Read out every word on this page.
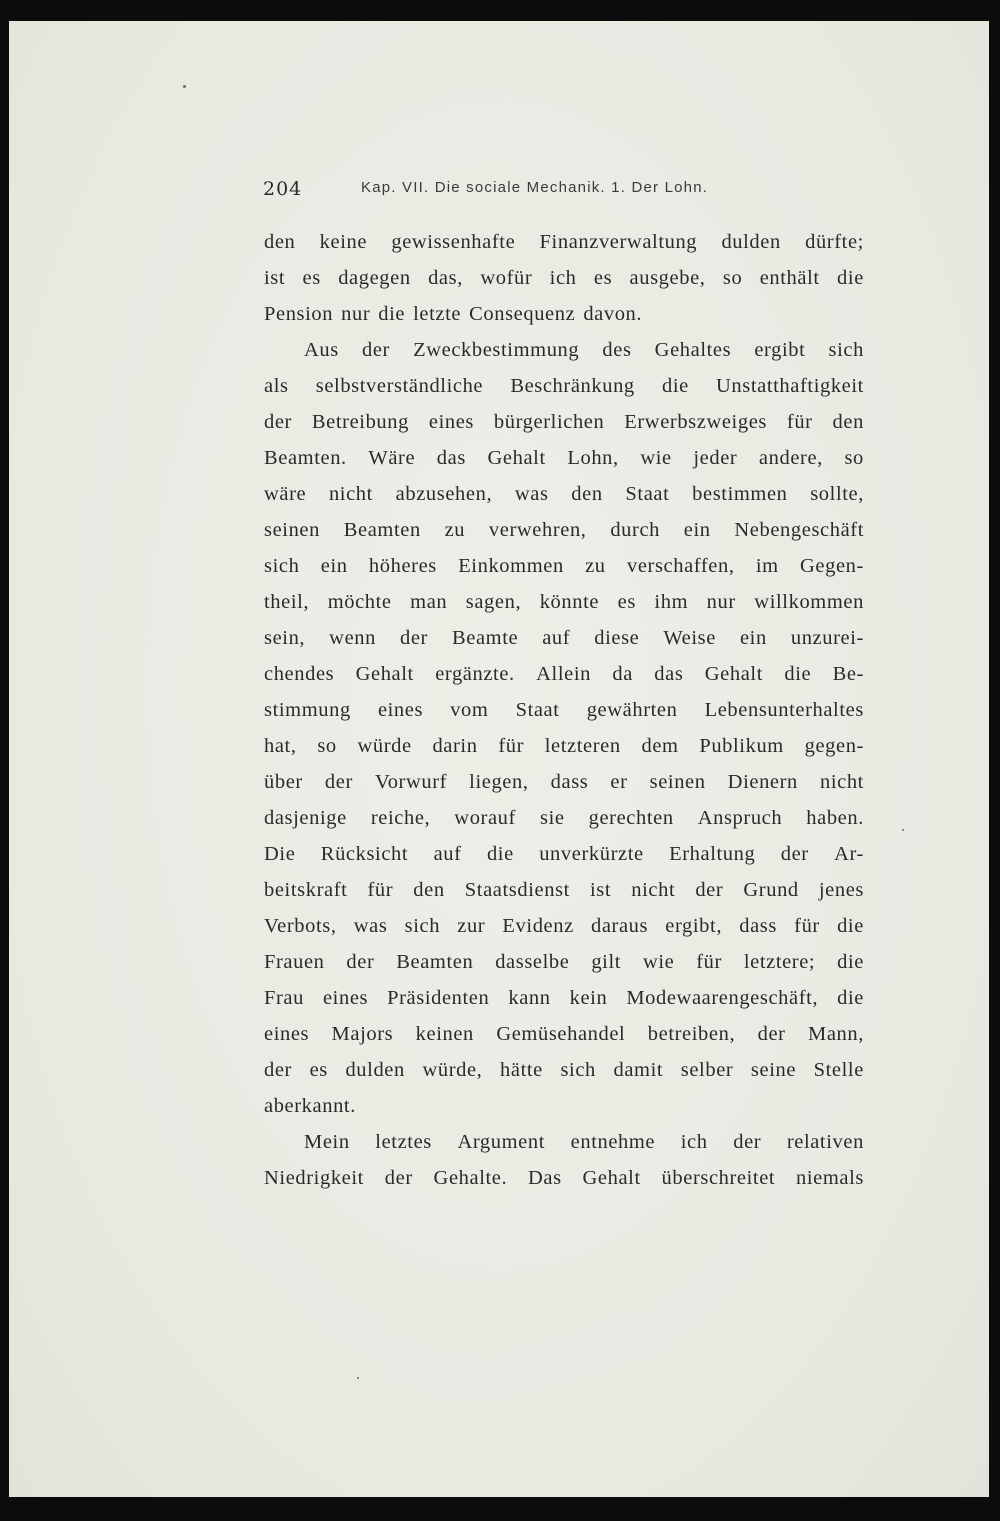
204	Kap. VII. Die sociale Mechanik. 1. Der Lohn.
den keine gewissenhafte Finanzverwaltung dulden dürfte;
ist es dagegen das, wofür ich es ausgebe, so enthält die
Pension nur die letzte Consequenz davon.
Aus der Zweckbestimmung des Gehaltes ergibt sich
als selbstverständliche Beschränkung die Unstatthaftigkeit
der Betreibung eines bürgerlichen Erwerbszweiges für den
Beamten. Wäre das Gehalt Lohn, wie jeder andere, so
wäre nicht abzusehen, was den Staat bestimmen sollte,
seinen Beamten zu verwehren, durch ein Nebengeschäft
sich ein höheres Einkommen zu verschaffen, im Gegen-
theil, möchte man sagen, könnte es ihm nur willkommen
sein, wenn der Beamte auf diese Weise ein unzurei-
chendes Gehalt ergänzte. Allein da das Gehalt die Be-
stimmung eines vom Staat gewährten Lebensunterhaltes
hat, so würde darin für letzteren dem Publikum gegen-
über der Vorwurf liegen, dass er seinen Dienern nicht
dasjenige reiche, worauf sie gerechten Anspruch haben.
Die Rücksicht auf die unverkürzte Erhaltung der Ar-
beitskraft für den Staatsdienst ist nicht der Grund jenes
Verbots, was sich zur Evidenz daraus ergibt, dass für die
Frauen der Beamten dasselbe gilt wie für letztere; die
Frau eines Präsidenten kann kein Modewaarengeschäft, die
eines Majors keinen Gemüsehandel betreiben, der Mann,
der es dulden würde, hätte sich damit selber seine Stelle
aberkannt.
Mein letztes Argument entnehme ich der relativen
Niedrigkeit der Gehalte. Das Gehalt überschreitet niemals
